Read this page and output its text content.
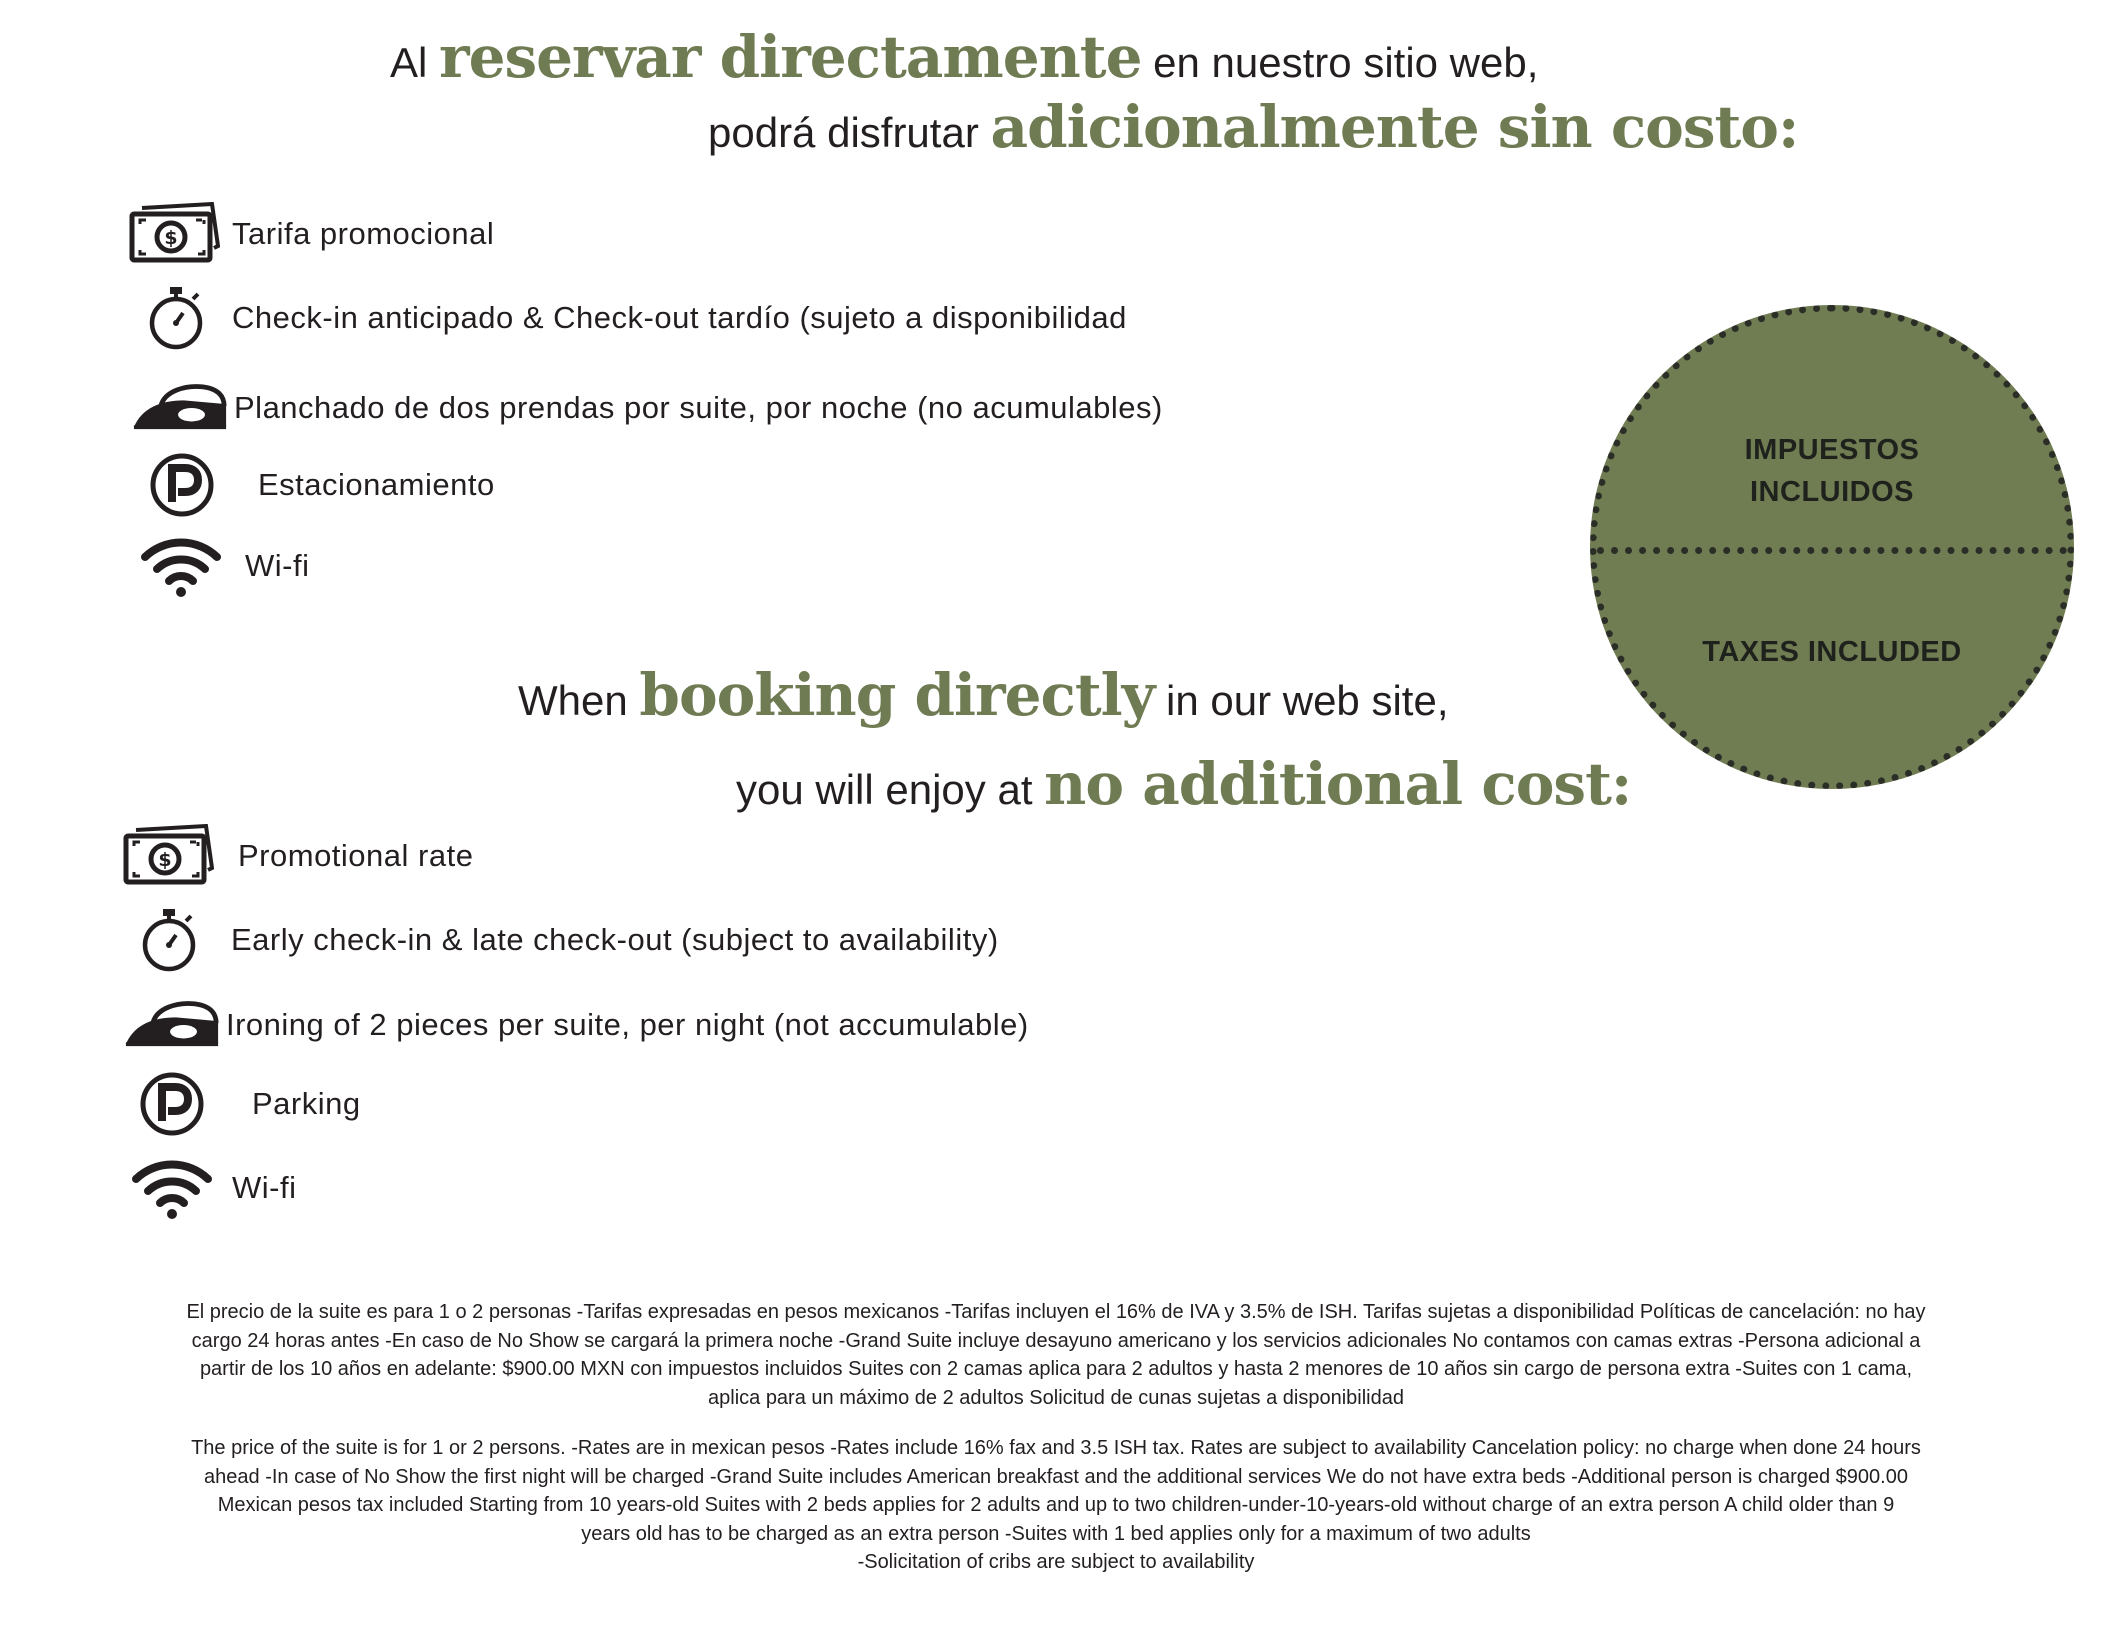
Al reservar directamente en nuestro sitio web,
podrá disfrutar adicionalmente sin costo:
$ Tarifa promocional
Check-in anticipado & Check-out tardío (sujeto a disponibilidad
Planchado de dos prendas por suite, por noche (no acumulables)
Estacionamiento
Wi-fi
When booking directly in our web site,
you will enjoy at no additional cost:
$ Promotional rate
Early check-in & late check-out (subject to availability)
Ironing of 2 pieces per suite, per night (not accumulable)
Parking
Wi-fi
IMPUESTOS
INCLUIDOS
TAXES INCLUDED
El precio de la suite es para 1 o 2 personas -Tarifas expresadas en pesos mexicanos -Tarifas incluyen el 16% de IVA y 3.5% de ISH. Tarifas sujetas a disponibilidad Políticas de cancelación: no hay
cargo 24 horas antes -En caso de No Show se cargará la primera noche -Grand Suite incluye desayuno americano y los servicios adicionales No contamos con camas extras -Persona adicional a
partir de los 10 años en adelante: $900.00 MXN con impuestos incluidos Suites con 2 camas aplica para 2 adultos y hasta 2 menores de 10 años sin cargo de persona extra -Suites con 1 cama,
aplica para un máximo de 2 adultos Solicitud de cunas sujetas a disponibilidad
The price of the suite is for 1 or 2 persons. -Rates are in mexican pesos -Rates include 16% fax and 3.5 ISH tax. Rates are subject to availability Cancelation policy: no charge when done 24 hours
ahead -In case of No Show the first night will be charged -Grand Suite includes American breakfast and the additional services We do not have extra beds -Additional person is charged $900.00
Mexican pesos tax included Starting from 10 years-old Suites with 2 beds applies for 2 adults and up to two children-under-10-years-old without charge of an extra person A child older than 9
years old has to be charged as an extra person -Suites with 1 bed applies only for a maximum of two adults
-Solicitation of cribs are subject to availability
